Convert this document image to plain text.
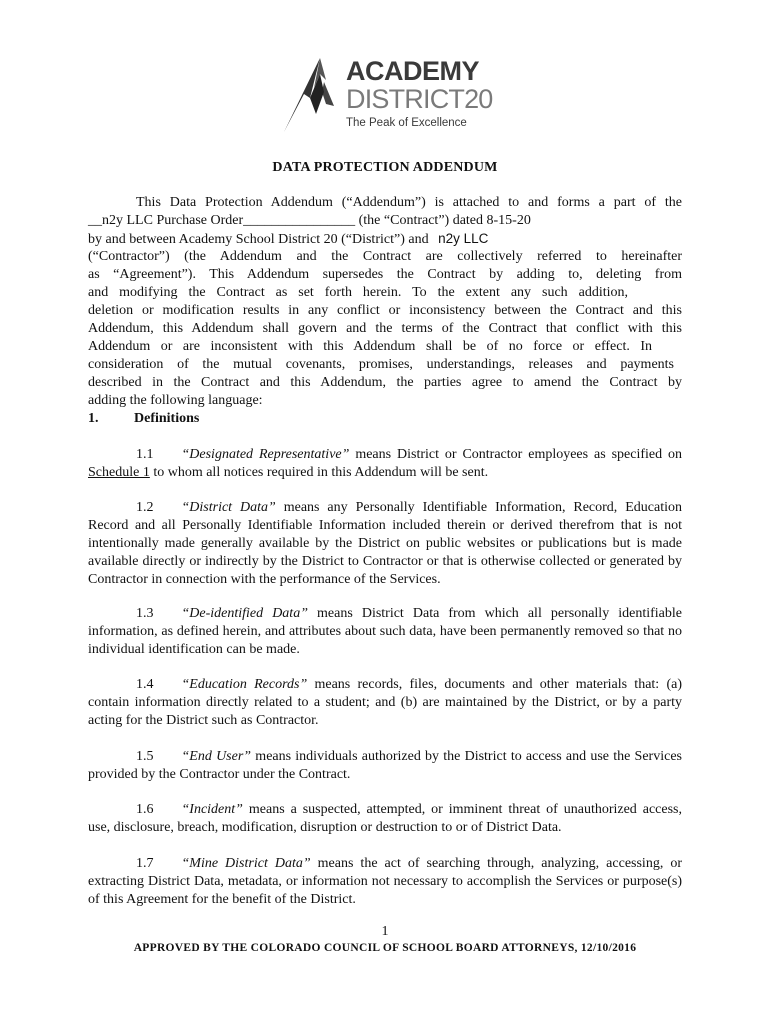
ACADEMY
DISTRICT20
The Peak of Excellence
DATA PROTECTION ADDENDUM
This Data Protection Addendum (“Addendum”) is attached to and forms a part of the
__n2y LLC Purchase Order________________ (the “Contract”) dated 8-15-20
by and between Academy School District 20 (“District”) and n2y LLC
(“Contractor”) (the Addendum and the Contract are collectively referred to hereinafter
as “Agreement”). This Addendum supersedes the Contract by adding to, deleting from
and modifying the Contract as set forth herein. To the extent any such addition,
deletion or modification results in any conflict or inconsistency between the Contract and this
Addendum, this Addendum shall govern and the terms of the Contract that conflict with this
Addendum or are inconsistent with this Addendum shall be of no force or effect. In
consideration of the mutual covenants, promises, understandings, releases and payments
described in the Contract and this Addendum, the parties agree to amend the Contract by
adding the following language:
1.	Definitions
1.1 “Designated Representative” means District or Contractor employees as specified on Schedule 1 to whom all notices required in this Addendum will be sent.
1.2 “District Data” means any Personally Identifiable Information, Record, Education Record and all Personally Identifiable Information included therein or derived therefrom that is not intentionally made generally available by the District on public websites or publications but is made available directly or indirectly by the District to Contractor or that is otherwise collected or generated by Contractor in connection with the performance of the Services.
1.3 “De-identified Data” means District Data from which all personally identifiable information, as defined herein, and attributes about such data, have been permanently removed so that no individual identification can be made.
1.4 “Education Records” means records, files, documents and other materials that: (a) contain information directly related to a student; and (b) are maintained by the District, or by a party acting for the District such as Contractor.
1.5 “End User” means individuals authorized by the District to access and use the Services provided by the Contractor under the Contract.
1.6 “Incident” means a suspected, attempted, or imminent threat of unauthorized access, use, disclosure, breach, modification, disruption or destruction to or of District Data.
1.7 “Mine District Data” means the act of searching through, analyzing, accessing, or extracting District Data, metadata, or information not necessary to accomplish the Services or purpose(s) of this Agreement for the benefit of the District.
1
APPROVED BY THE COLORADO COUNCIL OF SCHOOL BOARD ATTORNEYS, 12/10/2016
